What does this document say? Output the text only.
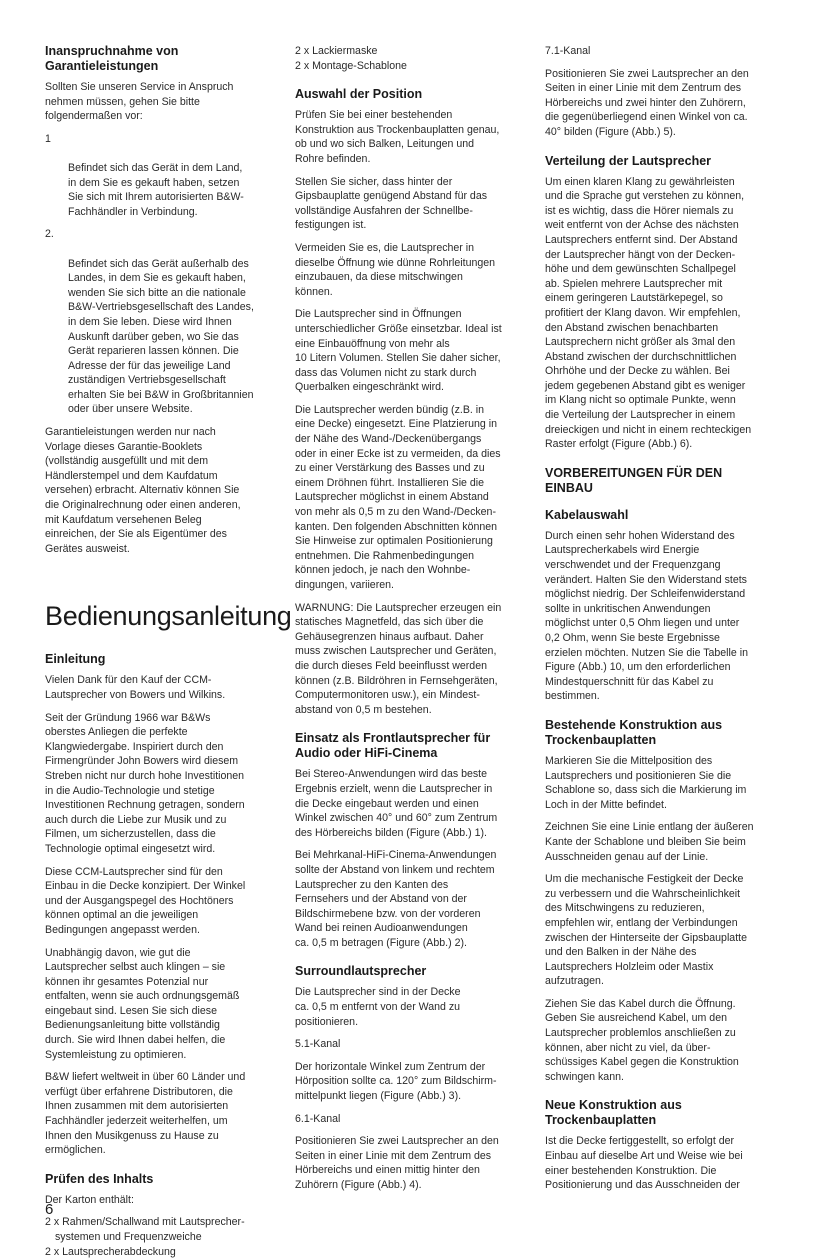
Inanspruchnahme von
Garantieleistungen

Sollten Sie unseren Service in Anspruch
nehmen müssen, gehen Sie bitte
folgendermaßen vor:

1

Befindet sich das Gerät in dem Land,
in dem Sie es gekauft haben, setzen
Sie sich mit Ihrem autorisierten B&W-
Fachhändler in Verbindung.

2.

Befindet sich das Gerät außerhalb des
Landes, in dem Sie es gekauft haben,
wenden Sie sich bitte an die nationale
B&W-Vertriebsgesellschaft des Landes,
in dem Sie leben. Diese wird Ihnen
Auskunft darüber geben, wo Sie das
Gerät reparieren lassen können. Die
Adresse der für das jeweilige Land
zuständigen Vertriebsgesellschaft
erhalten Sie bei B&W in Großbritannien
oder über unsere Website.

Garantieleistungen werden nur nach
Vorlage dieses Garantie-Booklets
(vollständig ausgefüllt und mit dem
Händlerstempel und dem Kaufdatum
versehen) erbracht. Alternativ können Sie
die Originalrechnung oder einen anderen,
mit Kaufdatum versehenen Beleg
einreichen, der Sie als Eigentümer des
Gerätes ausweist.

Bedienungsanleitung
Einleitung

Vielen Dank für den Kauf der CCM-
Lautsprecher von Bowers und Wilkins.

Seit der Gründung 1966 war B&Ws
oberstes Anliegen die perfekte
Klangwiedergabe. Inspiriert durch den
Firmengründer John Bowers wird diesem
Streben nicht nur durch hohe Investitionen
in die Audio-Technologie und stetige
Investitionen Rechnung getragen, sondern
auch durch die Liebe zur Musik und zu
Filmen, um sicherzustellen, dass die
Technologie optimal eingesetzt wird.

Diese CCM-Lautsprecher sind für den
Einbau in die Decke konzipiert. Der Winkel
und der Ausgangspegel des Hochtöners
können optimal an die jeweiligen
Bedingungen angepasst werden.

Unabhängig davon, wie gut die
Lautsprecher selbst auch klingen – sie
können ihr gesamtes Potenzial nur
entfalten, wenn sie auch ordnungsgemäß
eingebaut sind. Lesen Sie sich diese
Bedienungsanleitung bitte vollständig
durch. Sie wird Ihnen dabei helfen, die
Systemleistung zu optimieren.

B&W liefert weltweit in über 60 Länder und
verfügt über erfahrene Distributoren, die
Ihnen zusammen mit dem autorisierten
Fachhändler jederzeit weiterhelfen, um
Ihnen den Musikgenuss zu Hause zu
ermöglichen.

Prüfen des Inhalts

Der Karton enthält:

2 x Rahmen/Schallwand mit Lautsprecher-
systemen und Frequenzweiche

2 x Lautsprecherabdeckung

2 x Lackiermaske

2 x Montage-Schablone

Auswahl der Position

Prüfen Sie bei einer bestehenden
Konstruktion aus Trockenbauplatten genau,
ob und wo sich Balken, Leitungen und
Rohre befinden.

Stellen Sie sicher, dass hinter der
Gipsbauplatte genügend Abstand für das
vollständige Ausfahren der Schnellbe-
festigungen ist.

Vermeiden Sie es, die Lautsprecher in
dieselbe Öffnung wie dünne Rohrleitungen
einzubauen, da diese mitschwingen
können.

Die Lautsprecher sind in Öffnungen
unterschiedlicher Größe einsetzbar. Ideal ist
eine Einbauöffnung von mehr als
10 Litern Volumen. Stellen Sie daher sicher,
dass das Volumen nicht zu stark durch
Querbalken eingeschränkt wird.

Die Lautsprecher werden bündig (z.B. in
eine Decke) eingesetzt. Eine Platzierung in
der Nähe des Wand-/Deckenübergangs
oder in einer Ecke ist zu vermeiden, da dies
zu einer Verstärkung des Basses und zu
einem Dröhnen führt. Installieren Sie die
Lautsprecher möglichst in einem Abstand
von mehr als 0,5 m zu den Wand-/Decken-
kanten. Den folgenden Abschnitten können
Sie Hinweise zur optimalen Positionierung
entnehmen. Die Rahmenbedingungen
können jedoch, je nach den Wohnbe-
dingungen, variieren.

WARNUNG: Die Lautsprecher erzeugen ein
statisches Magnetfeld, das sich über die
Gehäusegrenzen hinaus aufbaut. Daher
muss zwischen Lautsprecher und Geräten,
die durch dieses Feld beeinflusst werden
können (z.B. Bildröhren in Fernsehgeräten,
Computermonitoren usw.), ein Mindest-
abstand von 0,5 m bestehen.

Einsatz als Frontlautsprecher für
Audio oder HiFi-Cinema

Bei Stereo-Anwendungen wird das beste
Ergebnis erzielt, wenn die Lautsprecher in
die Decke eingebaut werden und einen
Winkel zwischen 40° und 60° zum Zentrum
des Hörbereichs bilden (Figure (Abb.) 1).

Bei Mehrkanal-HiFi-Cinema-Anwendungen
sollte der Abstand von linkem und rechtem
Lautsprecher zu den Kanten des
Fernsehers und der Abstand von der
Bildschirmebene bzw. von der vorderen
Wand bei reinen Audioanwendungen
ca. 0,5 m betragen (Figure (Abb.) 2).

Surroundlautsprecher

Die Lautsprecher sind in der Decke
ca. 0,5 m entfernt von der Wand zu
positionieren.

5.1-Kanal

Der horizontale Winkel zum Zentrum der
Hörposition sollte ca. 120° zum Bildschirm-
mittelpunkt liegen (Figure (Abb.) 3).

6.1-Kanal

Positionieren Sie zwei Lautsprecher an den
Seiten in einer Linie mit dem Zentrum des
Hörbereichs und einen mittig hinter den
Zuhörern (Figure (Abb.) 4).

7.1-Kanal

Positionieren Sie zwei Lautsprecher an den
Seiten in einer Linie mit dem Zentrum des
Hörbereichs und zwei hinter den Zuhörern,
die gegenüberliegend einen Winkel von ca.
40° bilden (Figure (Abb.) 5).

Verteilung der Lautsprecher

Um einen klaren Klang zu gewährleisten
und die Sprache gut verstehen zu können,
ist es wichtig, dass die Hörer niemals zu
weit entfernt von der Achse des nächsten
Lautsprechers entfernt sind. Der Abstand
der Lautsprecher hängt von der Decken-
höhe und dem gewünschten Schallpegel
ab. Spielen mehrere Lautsprecher mit
einem geringeren Lautstärkepegel, so
profitiert der Klang davon. Wir empfehlen,
den Abstand zwischen benachbarten
Lautsprechern nicht größer als 3mal den
Abstand zwischen der durchschnittlichen
Ohrhöhe und der Decke zu wählen. Bei
jedem gegebenen Abstand gibt es weniger
im Klang nicht so optimale Punkte, wenn
die Verteilung der Lautsprecher in einem
dreieckigen und nicht in einem rechteckigen
Raster erfolgt (Figure (Abb.) 6).

VORBEREITUNGEN FÜR DEN
EINBAU
Kabelauswahl

Durch einen sehr hohen Widerstand des
Lautsprecherkabels wird Energie
verschwendet und der Frequenzgang
verändert. Halten Sie den Widerstand stets
möglichst niedrig. Der Schleifenwiderstand
sollte in unkritischen Anwendungen
möglichst unter 0,5 Ohm liegen und unter
0,2 Ohm, wenn Sie beste Ergebnisse
erzielen möchten. Nutzen Sie die Tabelle in
Figure (Abb.) 10, um den erforderlichen
Mindestquerschnitt für das Kabel zu
bestimmen.

Bestehende Konstruktion aus
Trockenbauplatten

Markieren Sie die Mittelposition des
Lautsprechers und positionieren Sie die
Schablone so, dass sich die Markierung im
Loch in der Mitte befindet.

Zeichnen Sie eine Linie entlang der äußeren
Kante der Schablone und bleiben Sie beim
Ausschneiden genau auf der Linie.

Um die mechanische Festigkeit der Decke
zu verbessern und die Wahrscheinlichkeit
des Mitschwingens zu reduzieren,
empfehlen wir, entlang der Verbindungen
zwischen der Hinterseite der Gipsbauplatte
und den Balken in der Nähe des
Lautsprechers Holzleim oder Mastix
aufzutragen.

Ziehen Sie das Kabel durch die Öffnung.
Geben Sie ausreichend Kabel, um den
Lautsprecher problemlos anschließen zu
können, aber nicht zu viel, da über-
schüssiges Kabel gegen die Konstruktion
schwingen kann.

Neue Konstruktion aus
Trockenbauplatten

Ist die Decke fertiggestellt, so erfolgt der
Einbau auf dieselbe Art und Weise wie bei
einer bestehenden Konstruktion. Die
Positionierung und das Ausschneiden der

6
